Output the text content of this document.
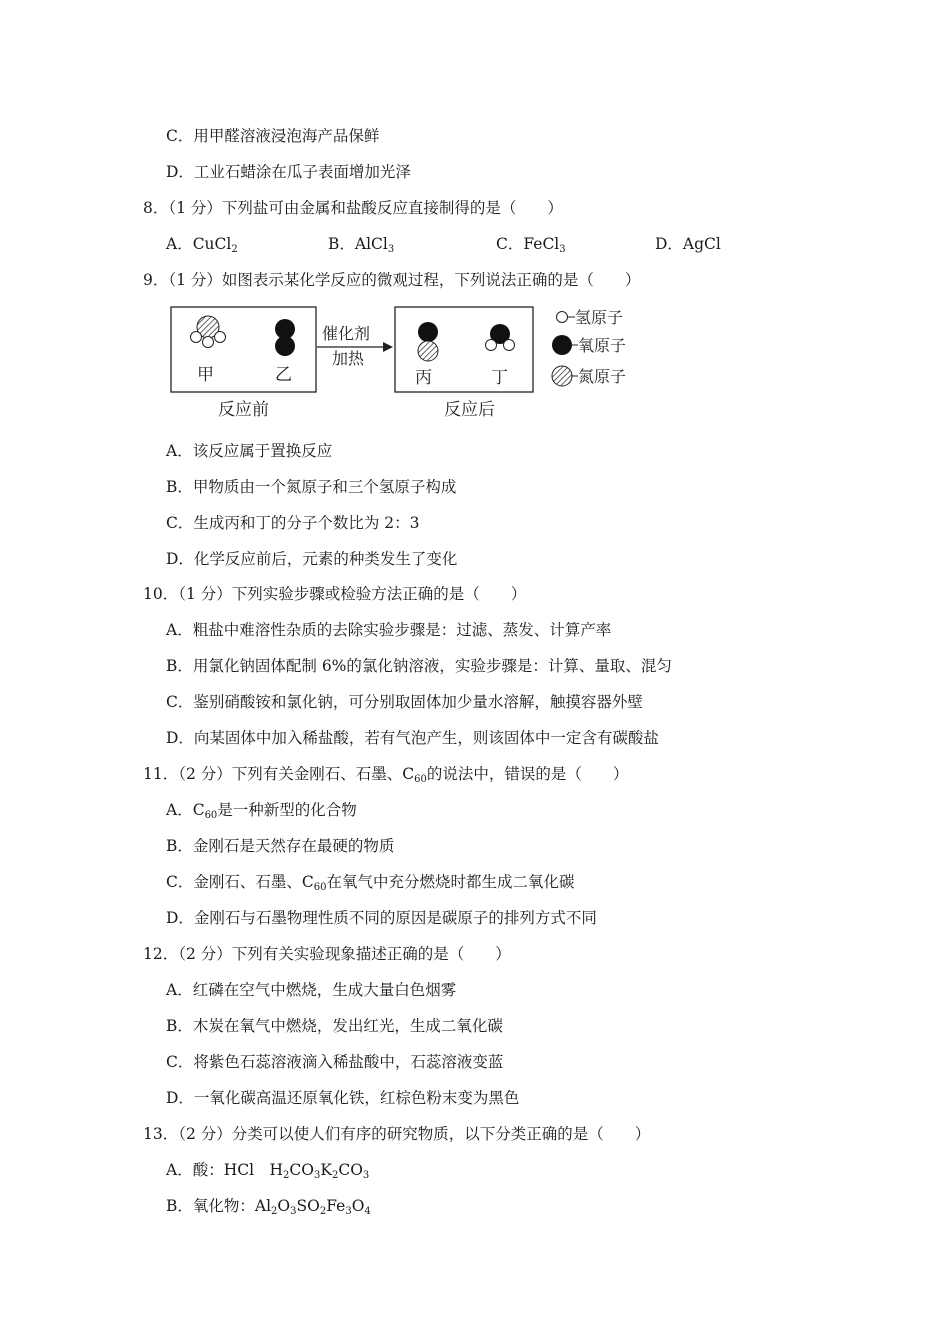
C．用甲醛溶液浸泡海产品保鲜
D．工业石蜡涂在瓜子表面增加光泽
8．（1 分）下列盐可由金属和盐酸反应直接制得的是（　　）
A．CuCl$_2$	B．AlCl$_3$	C．FeCl$_3$	D．AgCl
9．（1 分）如图表示某化学反应的微观过程，下列说法正确的是（　　）
甲	乙
催化剂
加热
丙	丁
反应前	反应后
氢原子
氧原子
氮原子
A．该反应属于置换反应
B．甲物质由一个氮原子和三个氢原子构成
C．生成丙和丁的分子个数比为 2：3
D．化学反应前后，元素的种类发生了变化
10．（1 分）下列实验步骤或检验方法正确的是（　　）
A．粗盐中难溶性杂质的去除实验步骤是：过滤、蒸发、计算产率
B．用氯化钠固体配制 6%的氯化钠溶液，实验步骤是：计算、量取、混匀
C．鉴别硝酸铵和氯化钠，可分别取固体加少量水溶解，触摸容器外壁
D．向某固体中加入稀盐酸，若有气泡产生，则该固体中一定含有碳酸盐
11．（2 分）下列有关金刚石、石墨、$C_{60}$的说法中，错误的是（　　）
A．$C_{60}$是一种新型的化合物
B．金刚石是天然存在最硬的物质
C．金刚石、石墨、$C_{60}$在氧气中充分燃烧时都生成二氧化碳
D．金刚石与石墨物理性质不同的原因是碳原子的排列方式不同
12．（2 分）下列有关实验现象描述正确的是（　　）
A．红磷在空气中燃烧，生成大量白色烟雾
B．木炭在氧气中燃烧，发出红光，生成二氧化碳
C．将紫色石蕊溶液滴入稀盐酸中，石蕊溶液变蓝
D．一氧化碳高温还原氧化铁，红棕色粉末变为黑色
13．（2 分）分类可以使人们有序的研究物质，以下分类正确的是（　　）
A．酸：HCl　$H_2CO_3K_2CO_3$
B．氧化物：$Al_2O_3SO_2Fe_3O_4$
